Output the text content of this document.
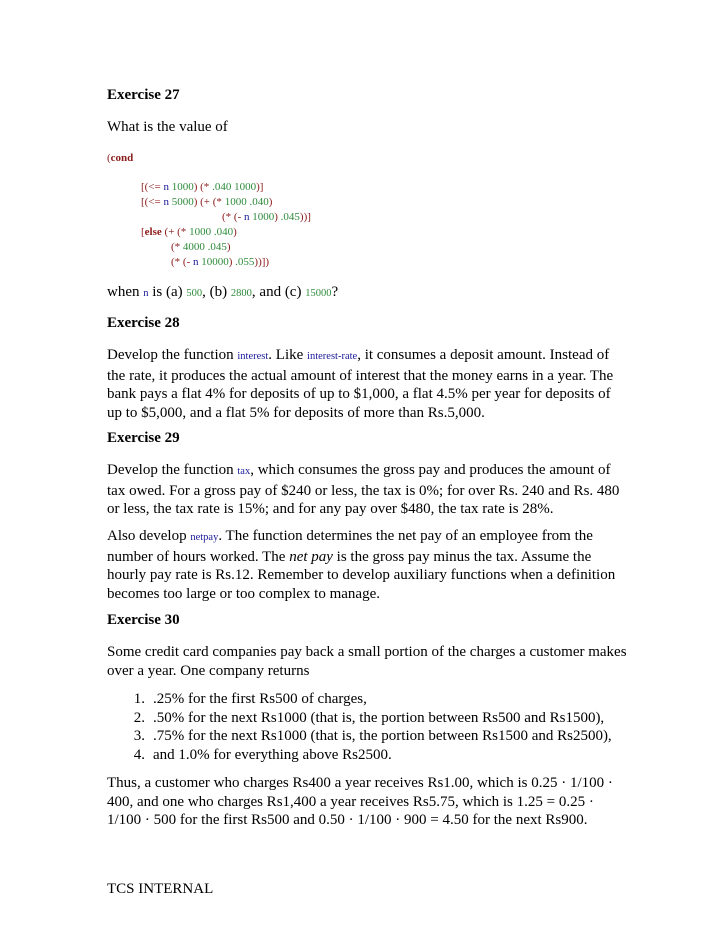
Exercise 27
What is the value of
(cond
[(<= n 1000) (* .040 1000)]
[(<= n 5000) (+ (* 1000 .040)
(* (- n 1000) .045))]
[else (+ (* 1000 .040)
(* 4000 .045)
(* (- n 10000) .055))])
when n is (a) 500, (b) 2800, and (c) 15000?
Exercise 28
Develop the function interest. Like interest-rate, it consumes a deposit amount. Instead of the rate, it produces the actual amount of interest that the money earns in a year. The bank pays a flat 4% for deposits of up to $1,000, a flat 4.5% per year for deposits of up to $5,000, and a flat 5% for deposits of more than Rs.5,000.
Exercise 29
Develop the function tax, which consumes the gross pay and produces the amount of tax owed. For a gross pay of $240 or less, the tax is 0%; for over Rs. 240 and Rs. 480 or less, the tax rate is 15%; and for any pay over $480, the tax rate is 28%.
Also develop netpay. The function determines the net pay of an employee from the number of hours worked. The net pay is the gross pay minus the tax. Assume the hourly pay rate is Rs.12. Remember to develop auxiliary functions when a definition becomes too large or too complex to manage.
Exercise 30
Some credit card companies pay back a small portion of the charges a customer makes over a year. One company returns
1. .25% for the first Rs500 of charges,
2. .50% for the next Rs1000 (that is, the portion between Rs500 and Rs1500),
3. .75% for the next Rs1000 (that is, the portion between Rs1500 and Rs2500),
4. and 1.0% for everything above Rs2500.
Thus, a customer who charges Rs400 a year receives Rs1.00, which is 0.25 · 1/100 · 400, and one who charges Rs1,400 a year receives Rs5.75, which is 1.25 = 0.25 · 1/100 · 500 for the first Rs500 and 0.50 · 1/100 · 900 = 4.50 for the next Rs900.
TCS INTERNAL
